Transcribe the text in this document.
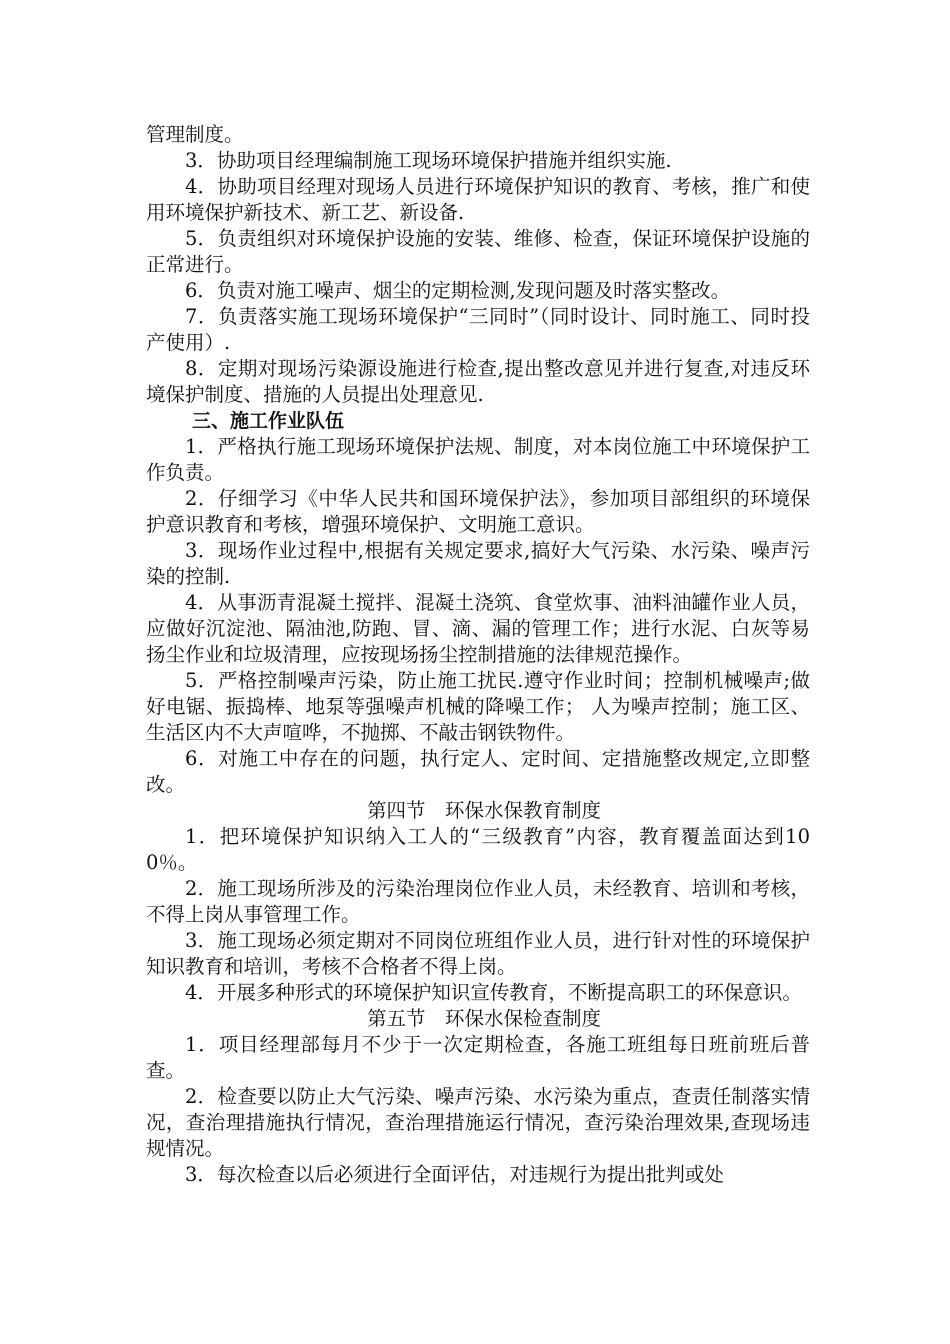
管理制度。

3．协助项目经理编制施工现场环境保护措施并组织实施.

4．协助项目经理对现场人员进行环境保护知识的教育、考核，推广和使用环境保护新技术、新工艺、新设备.

5．负责组织对环境保护设施的安装、维修、检查，保证环境保护设施的正常进行。

6．负责对施工噪声、烟尘的定期检测,发现问题及时落实整改。

7．负责落实施工现场环境保护“三同时”（同时设计、同时施工、同时投产使用）.

8．定期对现场污染源设施进行检查,提出整改意见并进行复查,对违反环境保护制度、措施的人员提出处理意见.

三、施工作业队伍

1．严格执行施工现场环境保护法规、制度，对本岗位施工中环境保护工作负责。

2．仔细学习《中华人民共和国环境保护法》，参加项目部组织的环境保护意识教育和考核，增强环境保护、文明施工意识。

3．现场作业过程中,根据有关规定要求,搞好大气污染、水污染、噪声污染的控制.

4．从事沥青混凝土搅拌、混凝土浇筑、食堂炊事、油料油罐作业人员，应做好沉淀池、隔油池,防跑、冒、滴、漏的管理工作；进行水泥、白灰等易扬尘作业和垃圾清理，应按现场扬尘控制措施的法律规范操作。

5．严格控制噪声污染，防止施工扰民.遵守作业时间；控制机械噪声;做好电锯、振捣棒、地泵等强噪声机械的降噪工作； 人为噪声控制；施工区、生活区内不大声喧哗，不抛掷、不敲击钢铁物件。

6．对施工中存在的问题，执行定人、定时间、定措施整改规定,立即整改。

第四节　环保水保教育制度

1．把环境保护知识纳入工人的“三级教育”内容，教育覆盖面达到100％。

2．施工现场所涉及的污染治理岗位作业人员，未经教育、培训和考核，不得上岗从事管理工作。

3．施工现场必须定期对不同岗位班组作业人员，进行针对性的环境保护知识教育和培训，考核不合格者不得上岗。

4．开展多种形式的环境保护知识宣传教育，不断提高职工的环保意识。

第五节　环保水保检查制度

1．项目经理部每月不少于一次定期检查，各施工班组每日班前班后普查。

2．检查要以防止大气污染、噪声污染、水污染为重点，查责任制落实情况，查治理措施执行情况，查治理措施运行情况，查污染治理效果,查现场违规情况。

3．每次检查以后必须进行全面评估，对违规行为提出批判或处
